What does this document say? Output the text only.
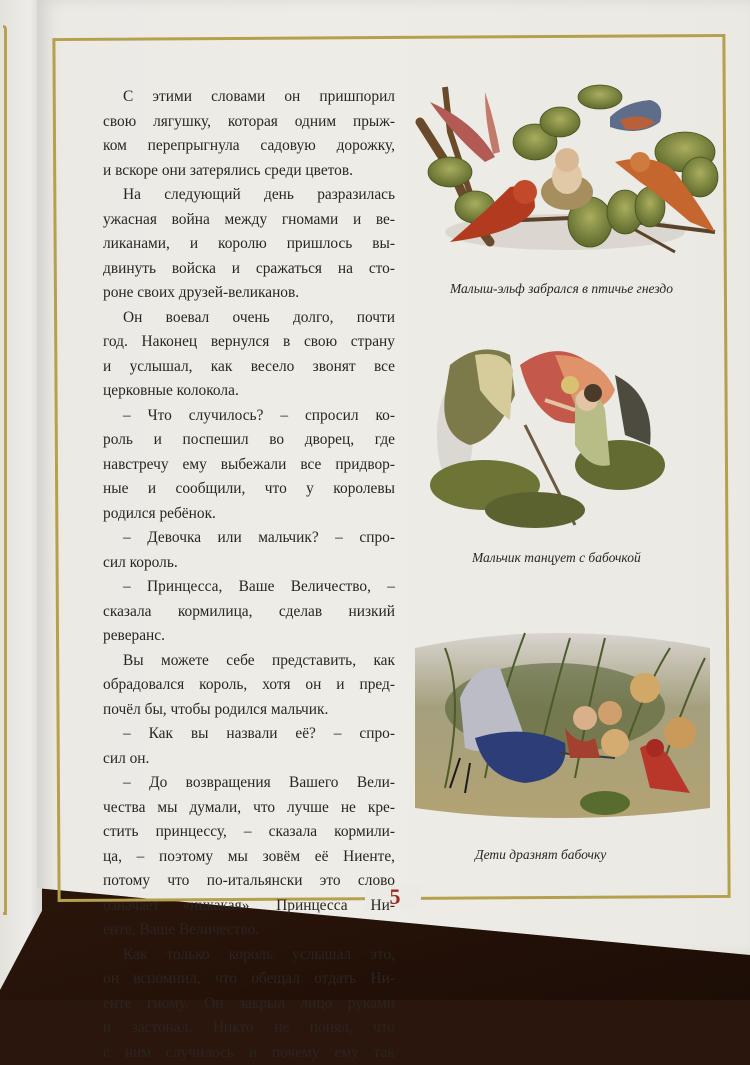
5
С этими словами он пришпорил
свою лягушку, которая одним прыж-
ком перепрыгнула садовую дорожку,
и вскоре они затерялись среди цветов.
На следующий день разразилась
ужасная война между гномами и ве-
ликанами, и королю пришлось вы-
двинуть войска и сражаться на сто-
роне своих друзей-великанов.
Он воевал очень долго, почти
год. Наконец вернулся в свою страну
и услышал, как весело звонят все
церковные колокола.
– Что случилось? – спросил ко-
роль и поспешил во дворец, где
навстречу ему выбежали все придвор-
ные и сообщили, что у королевы
родился ребёнок.
– Девочка или мальчик? – спро-
сил король.
– Принцесса, Ваше Величество, –
сказала кормилица, сделав низкий
реверанс.
Вы можете себе представить, как
обрадовался король, хотя он и пред-
почёл бы, чтобы родился мальчик.
– Как вы назвали её? – спро-
сил он.
– До возвращения Вашего Вели-
чества мы думали, что лучше не кре-
стить принцессу, – сказала кормили-
ца, – поэтому мы зовём её Ниенте,
потому что по-итальянски это слово
означает «никакая». Принцесса Ни-
енте, Ваше Величество.
Как только король услышал это,
он вспомнил, что обещал отдать Ни-
енте гному. Он закрыл лицо руками
и застонал. Никто не понял, что
с ним случилось и почему ему так
Малыш-эльф забрался в птичье гнездо
Мальчик танцует с бабочкой
Дети дразнят бабочку
